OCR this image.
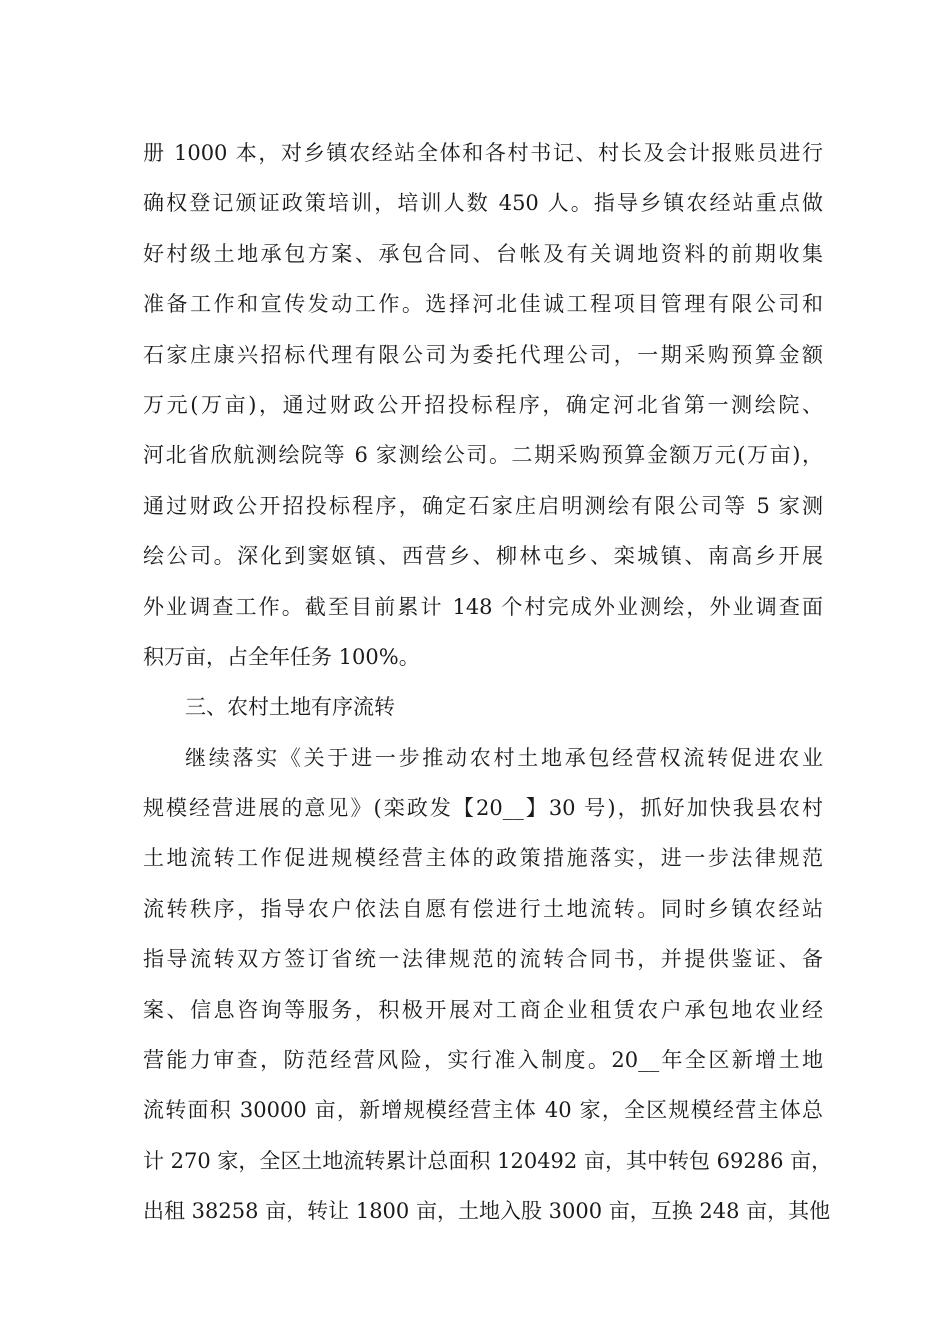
册 1000 本，对乡镇农经站全体和各村书记、村长及会计报账员进行
确权登记颁证政策培训，培训人数 450 人。指导乡镇农经站重点做
好村级土地承包方案、承包合同、台帐及有关调地资料的前期收集
准备工作和宣传发动工作。选择河北佳诚工程项目管理有限公司和
石家庄康兴招标代理有限公司为委托代理公司，一期采购预算金额
万元(万亩)，通过财政公开招投标程序，确定河北省第一测绘院、
河北省欣航测绘院等 6 家测绘公司。二期采购预算金额万元(万亩)，
通过财政公开招投标程序，确定石家庄启明测绘有限公司等 5 家测
绘公司。深化到窦妪镇、西营乡、柳林屯乡、栾城镇、南高乡开展
外业调查工作。截至目前累计 148 个村完成外业测绘，外业调查面
积万亩，占全年任务 100%。
三、农村土地有序流转
继续落实《关于进一步推动农村土地承包经营权流转促进农业
规模经营进展的意见》(栾政发【20__】30 号)，抓好加快我县农村
土地流转工作促进规模经营主体的政策措施落实，进一步法律规范
流转秩序，指导农户依法自愿有偿进行土地流转。同时乡镇农经站
指导流转双方签订省统一法律规范的流转合同书，并提供鉴证、备
案、信息咨询等服务，积极开展对工商企业租赁农户承包地农业经
营能力审查，防范经营风险，实行准入制度。20__年全区新增土地
流转面积 30000 亩，新增规模经营主体 40 家，全区规模经营主体总
计 270 家，全区土地流转累计总面积 120492 亩，其中转包 69286 亩，
出租 38258 亩，转让 1800 亩，土地入股 3000 亩，互换 248 亩，其他
